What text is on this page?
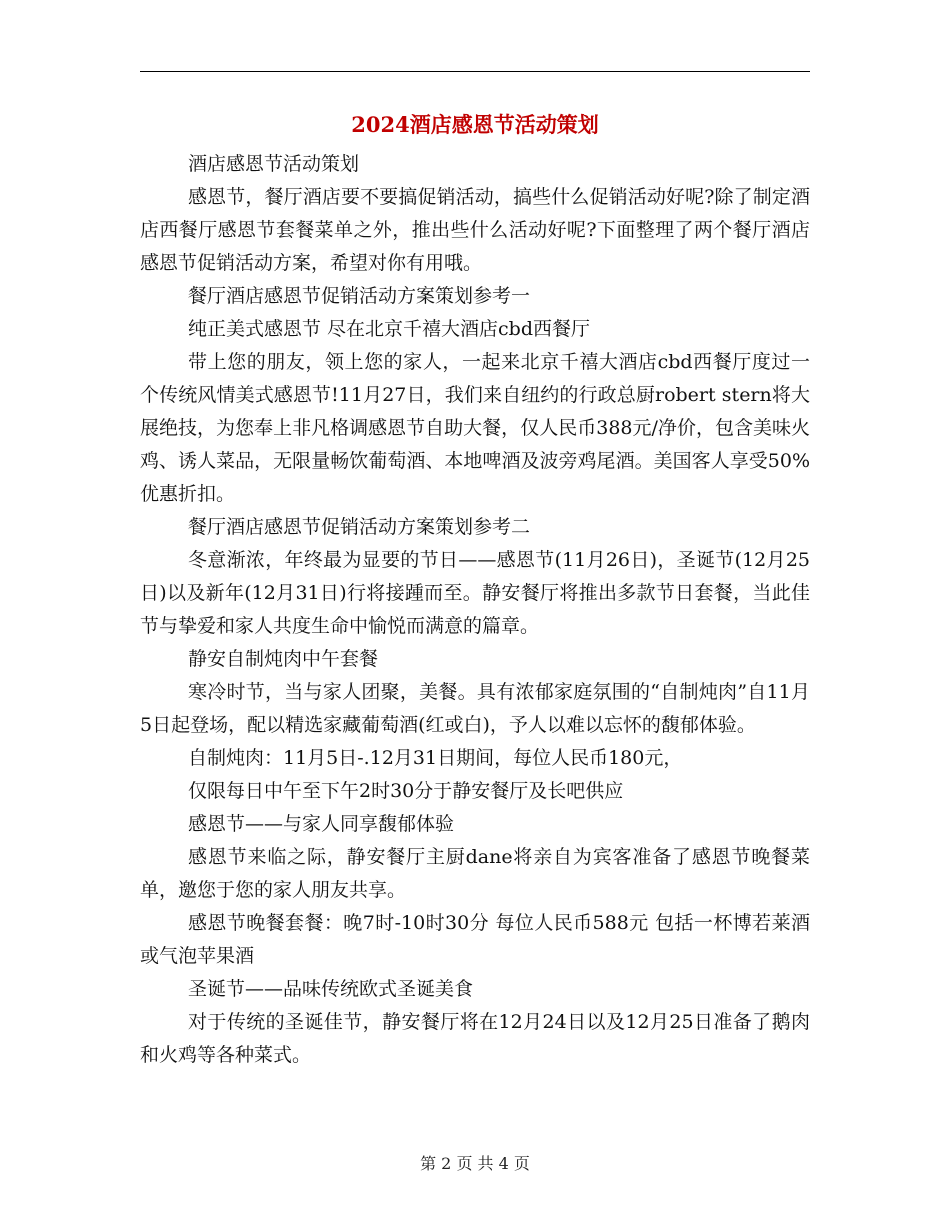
2024酒店感恩节活动策划

酒店感恩节活动策划

感恩节，餐厅酒店要不要搞促销活动，搞些什么促销活动好呢?除了制定酒店西餐厅感恩节套餐菜单之外，推出些什么活动好呢?下面整理了两个餐厅酒店感恩节促销活动方案，希望对你有用哦。

餐厅酒店感恩节促销活动方案策划参考一

纯正美式感恩节 尽在北京千禧大酒店cbd西餐厅

带上您的朋友，领上您的家人，一起来北京千禧大酒店cbd西餐厅度过一个传统风情美式感恩节!11月27日，我们来自纽约的行政总厨robert stern将大展绝技，为您奉上非凡格调感恩节自助大餐，仅人民币388元/净价，包含美味火鸡、诱人菜品，无限量畅饮葡萄酒、本地啤酒及波旁鸡尾酒。美国客人享受50%优惠折扣。

餐厅酒店感恩节促销活动方案策划参考二

冬意渐浓，年终最为显要的节日——感恩节(11月26日)，圣诞节(12月25日)以及新年(12月31日)行将接踵而至。静安餐厅将推出多款节日套餐，当此佳节与挚爱和家人共度生命中愉悦而满意的篇章。

静安自制炖肉中午套餐

寒冷时节，当与家人团聚，美餐。具有浓郁家庭氛围的“自制炖肉”自11月5日起登场，配以精选家藏葡萄酒(红或白)，予人以难以忘怀的馥郁体验。

自制炖肉：11月5日-.12月31日期间，每位人民币180元，

仅限每日中午至下午2时30分于静安餐厅及长吧供应

感恩节——与家人同享馥郁体验

感恩节来临之际，静安餐厅主厨dane将亲自为宾客准备了感恩节晚餐菜单，邀您于您的家人朋友共享。

感恩节晚餐套餐：晚7时-10时30分 每位人民币588元 包括一杯博若莱酒或气泡苹果酒

圣诞节——品味传统欧式圣诞美食

对于传统的圣诞佳节，静安餐厅将在12月24日以及12月25日准备了鹅肉和火鸡等各种菜式。

第 2 页 共 4 页
